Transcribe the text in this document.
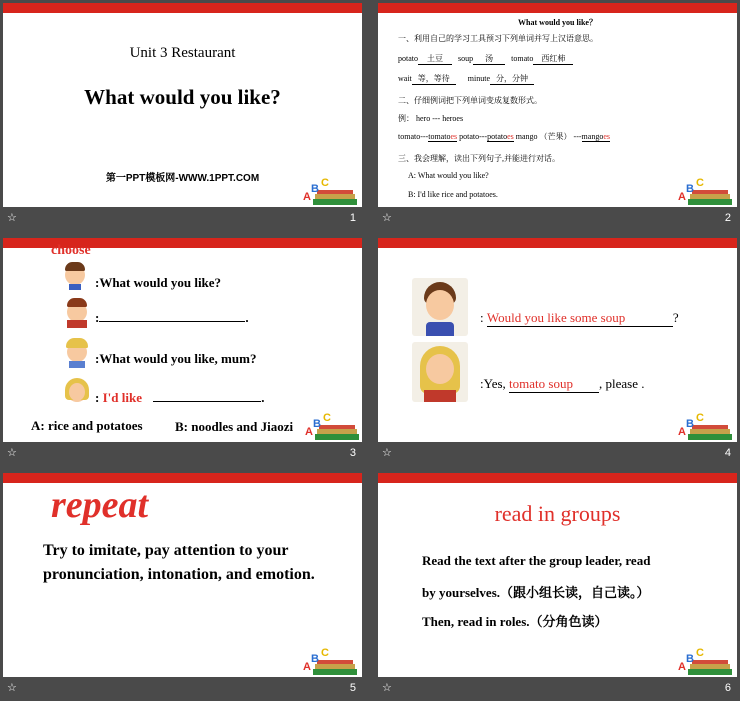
Unit 3 Restaurant
What would you like?
第一PPT模板网-WWW.1PPT.COM
A
B C
☆	1
What would you like？
一、利用自己的学习工具预习下列单词并写上汉语意思。
potato 土豆 soup 汤 tomato 西红柿
wait 等，等待 minute 分，分钟
二、仔细例词把下列单词变成复数形式。
例： hero --- heroes
tomato---tomatoes potato---potatoes mango （芒果） ---mangoes
三、我会理解，读出下列句子,并能进行对话。
A: What would you like?
B: I'd like rice and potatoes.	A
B C
☆	2
choose
:What would you like?
:	.
:What would you like, mum?
: I'd like	.
A: rice and potatoes B: noodles and Jiaozi A
B C
☆	3
: Would you like some soup	?
:Yes, tomato soup , please .
A
B C
☆	4
repeat
Try to imitate, pay attention to your pronunciation, intonation, and emotion.
A
B C
☆	5
read in groups
Read the text after the group leader, read
by yourselves.（跟小组长读，自己读。）
Then, read in roles.（分角色读）
A
B C
☆	6
